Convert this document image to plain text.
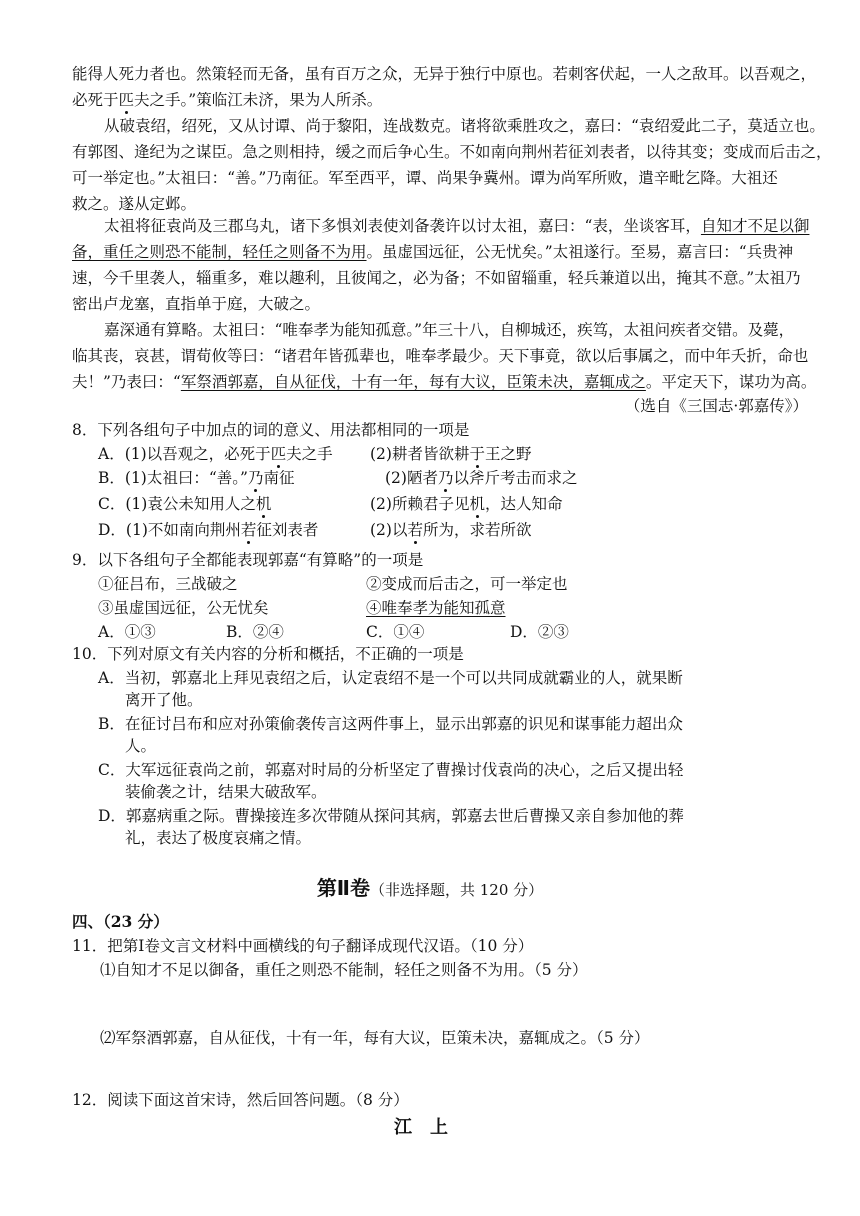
能得人死力者也。然策轻而无备，虽有百万之众，无异于独行中原也。若刺客伏起，一人之敌耳。以吾观之，
必死于匹夫之手。”策临江未济，果为人所杀。
从破袁绍，绍死，又从讨谭、尚于黎阳，连战数克。诸将欲乘胜攻之，嘉曰：“袁绍爱此二子，莫适立也。
有郭图、逄纪为之谋臣。急之则相持，缓之而后争心生。不如南向荆州若征刘表者，以待其变；变成而后击之，
可一举定也。”太祖曰：“善。”乃南征。军至西平，谭、尚果争冀州。谭为尚军所败，遣辛毗乞降。大祖还
救之。遂从定邺。
太祖将征袁尚及三郡乌丸，诸下多惧刘表使刘备袭许以讨太祖，嘉曰：“表，坐谈客耳，自知才不足以御
备，重任之则恐不能制，轻任之则备不为用。虽虚国远征，公无忧矣。”太祖遂行。至易，嘉言曰：“兵贵神
速，今千里袭人，辎重多，难以趣利，且彼闻之，必为备；不如留辎重，轻兵兼道以出，掩其不意。”太祖乃
密出卢龙塞，直指单于庭，大破之。
嘉深通有算略。太祖曰：“唯奉孝为能知孤意。”年三十八，自柳城还，疾笃，太祖问疾者交错。及薨，
临其丧，哀甚，谓荀攸等曰：“诸君年皆孤辈也，唯奉孝最少。天下事竟，欲以后事属之，而中年夭折，命也
夫！”乃表曰：“军祭酒郭嘉，自从征伐，十有一年，每有大议，臣策未决，嘉辄成之。平定天下，谋功为高。
（选自《三国志·郭嘉传》）
8．下列各组句子中加点的词的意义、用法都相同的一项是
A．(1)以吾观之，必死于匹夫之手 (2)耕者皆欲耕于王之野
B．(1)太祖曰：“善。”乃南征	(2)陋者乃以斧斤考击而求之
C．(1)袁公未知用人之机	(2)所赖君子见机，达人知命
D．(1)不如南向荆州若征刘表者	(2)以若所为，求若所欲
9．以下各组句子全都能表现郭嘉“有算略”的一项是
①征吕布，三战破之	②变成而后击之，可一举定也
③虽虚国远征，公无忧矣	④唯奉孝为能知孤意
A．①③	B．②④	C．①④	D．②③
10．下列对原文有关内容的分析和概括，不正确的一项是
A．当初，郭嘉北上拜见袁绍之后，认定袁绍不是一个可以共同成就霸业的人，就果断
离开了他。
B．在征讨吕布和应对孙策偷袭传言这两件事上，显示出郭嘉的识见和谋事能力超出众
人。
C．大军远征袁尚之前，郭嘉对时局的分析坚定了曹操讨伐袁尚的决心，之后又提出轻
装偷袭之计，结果大破敌军。
D．郭嘉病重之际。曹操接连多次带随从探问其病，郭嘉去世后曹操又亲自参加他的葬
礼，表达了极度哀痛之情。
第Ⅱ卷（非选择题，共 120 分）
四、（23 分）
11．把第Ⅰ卷文言文材料中画横线的句子翻译成现代汉语。（10 分）
⑴自知才不足以御备，重任之则恐不能制，轻任之则备不为用。（5 分）
⑵军祭酒郭嘉，自从征伐，十有一年，每有大议，臣策未决，嘉辄成之。（5 分）
12．阅读下面这首宋诗，然后回答问题。（8 分）
江上
